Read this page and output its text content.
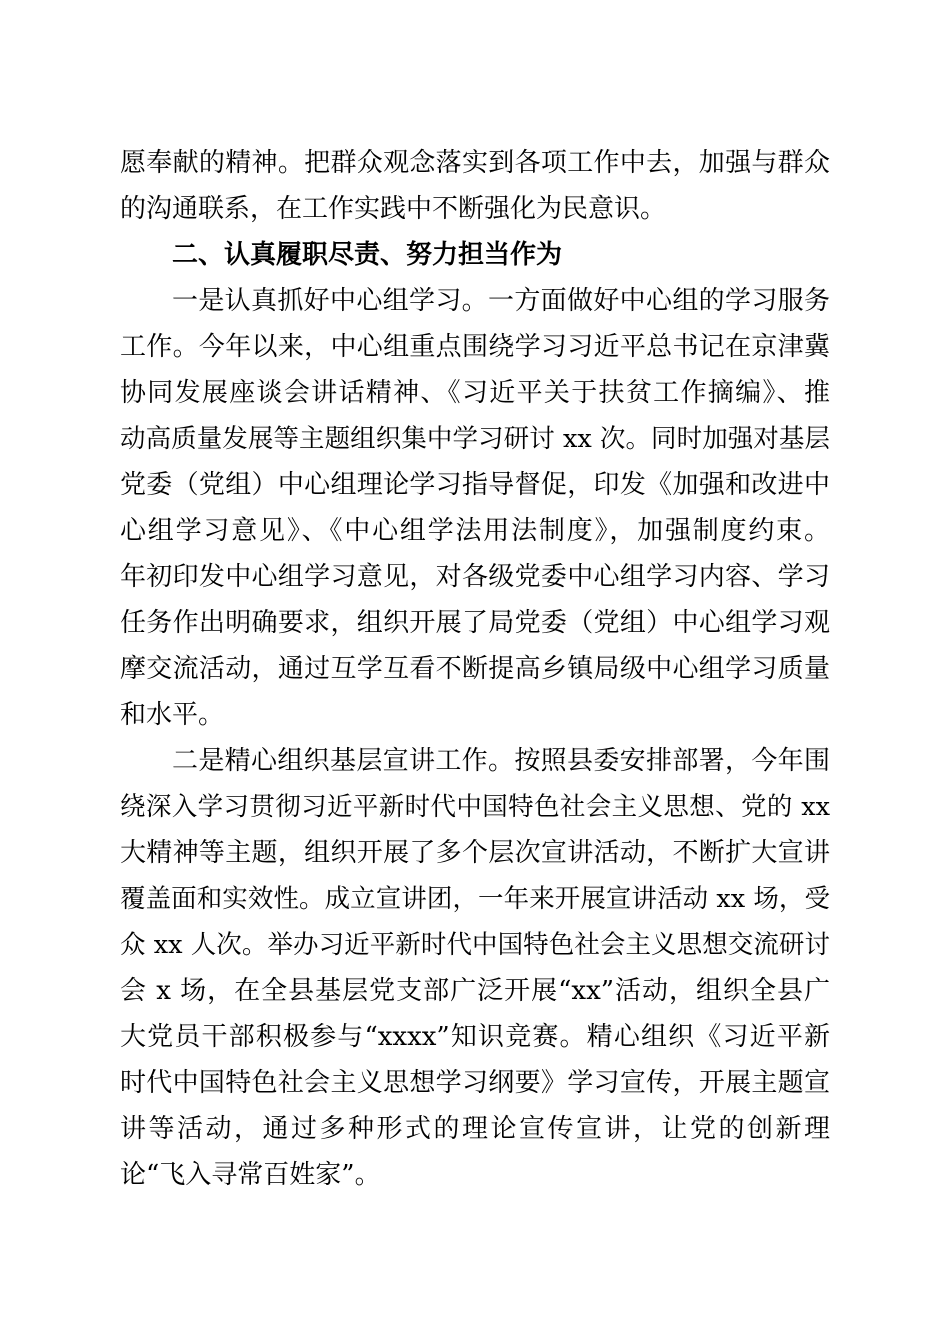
愿奉献的精神。把群众观念落实到各项工作中去，加强与群众
的沟通联系，在工作实践中不断强化为民意识。
二、认真履职尽责、努力担当作为
一是认真抓好中心组学习。一方面做好中心组的学习服务
工作。今年以来，中心组重点围绕学习习近平总书记在京津冀
协同发展座谈会讲话精神、《习近平关于扶贫工作摘编》、推
动高质量发展等主题组织集中学习研讨 xx 次。同时加强对基层
党委（党组）中心组理论学习指导督促，印发《加强和改进中
心组学习意见》、《中心组学法用法制度》，加强制度约束。
年初印发中心组学习意见，对各级党委中心组学习内容、学习
任务作出明确要求，组织开展了局党委（党组）中心组学习观
摩交流活动，通过互学互看不断提高乡镇局级中心组学习质量
和水平。
二是精心组织基层宣讲工作。按照县委安排部署，今年围
绕深入学习贯彻习近平新时代中国特色社会主义思想、党的 xx
大精神等主题，组织开展了多个层次宣讲活动，不断扩大宣讲
覆盖面和实效性。成立宣讲团，一年来开展宣讲活动 xx 场，受
众 xx 人次。举办习近平新时代中国特色社会主义思想交流研讨
会 x 场，在全县基层党支部广泛开展“xx”活动，组织全县广
大党员干部积极参与“xxxx”知识竞赛。精心组织《习近平新
时代中国特色社会主义思想学习纲要》学习宣传，开展主题宣
讲等活动，通过多种形式的理论宣传宣讲，让党的创新理
论“飞入寻常百姓家”。
